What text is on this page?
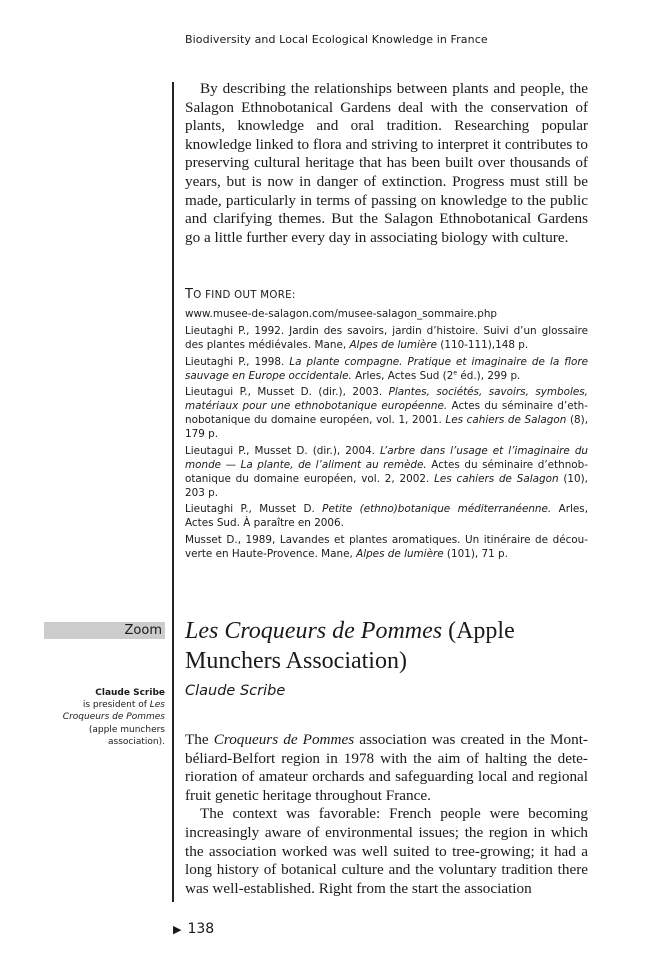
Biodiversity and Local Ecological Knowledge in France

By describing the relationships between plants and people, the Salagon Ethnobotanical Gardens deal with the conservation of plants, knowledge and oral tradition. Researching popular knowledge linked to flora and striving to interpret it contributes to preserving cultural heritage that has been built over thousands of years, but is now in danger of extinction. Progress must still be made, particularly in terms of passing on knowledge to the public and clarifying themes. But the Salagon Ethnobotanical Gardens go a little further every day in associating biology with culture.

TO FIND OUT MORE:
www.musee-de-salagon.com/musee-salagon_sommaire.php
Lieutaghi P., 1992. Jardin des savoirs, jardin d’histoire. Suivi d’un glossaire des plantes médiévales. Mane, Alpes de lumière (110-111),148 p.
Lieutaghi P., 1998. La plante compagne. Pratique et imaginaire de la flore sauvage en Europe occidentale. Arles, Actes Sud (2e éd.), 299 p.
Lieutagui P., Musset D. (dir.), 2003. Plantes, sociétés, savoirs, symboles, matériaux pour une ethnobotanique européenne. Actes du séminaire d’eth-nobotanique du domaine européen, vol. 1, 2001. Les cahiers de Salagon (8), 179 p.
Lieutagui P., Musset D. (dir.), 2004. L’arbre dans l’usage et l’imaginaire du monde — La plante, de l’aliment au remède. Actes du séminaire d’ethnob-otanique du domaine européen, vol. 2, 2002. Les cahiers de Salagon (10), 203 p.
Lieutaghi P., Musset D. Petite (ethno)botanique méditerranéenne. Arles, Actes Sud. À paraître en 2006.
Musset D., 1989, Lavandes et plantes aromatiques. Un itinéraire de décou-verte en Haute-Provence. Mane, Alpes de lumière (101), 71 p.
Zoom Les Croqueurs de Pommes (Apple Munchers Association)
Claude Scribe
Claude Scribe
is president of Les Croqueurs de Pommes
(apple munchers association). The Croqueurs de Pommes association was created in the Mont-béliard-Belfort region in 1978 with the aim of halting the dete-rioration of amateur orchards and safeguarding local and regional fruit genetic heritage throughout France.

The context was favorable: French people were becoming increasingly aware of environmental issues; the region in which the association worked was well suited to tree-growing; it had a long history of botanical culture and the voluntary tradition there was well-established. Right from the start the association

▶ 138
